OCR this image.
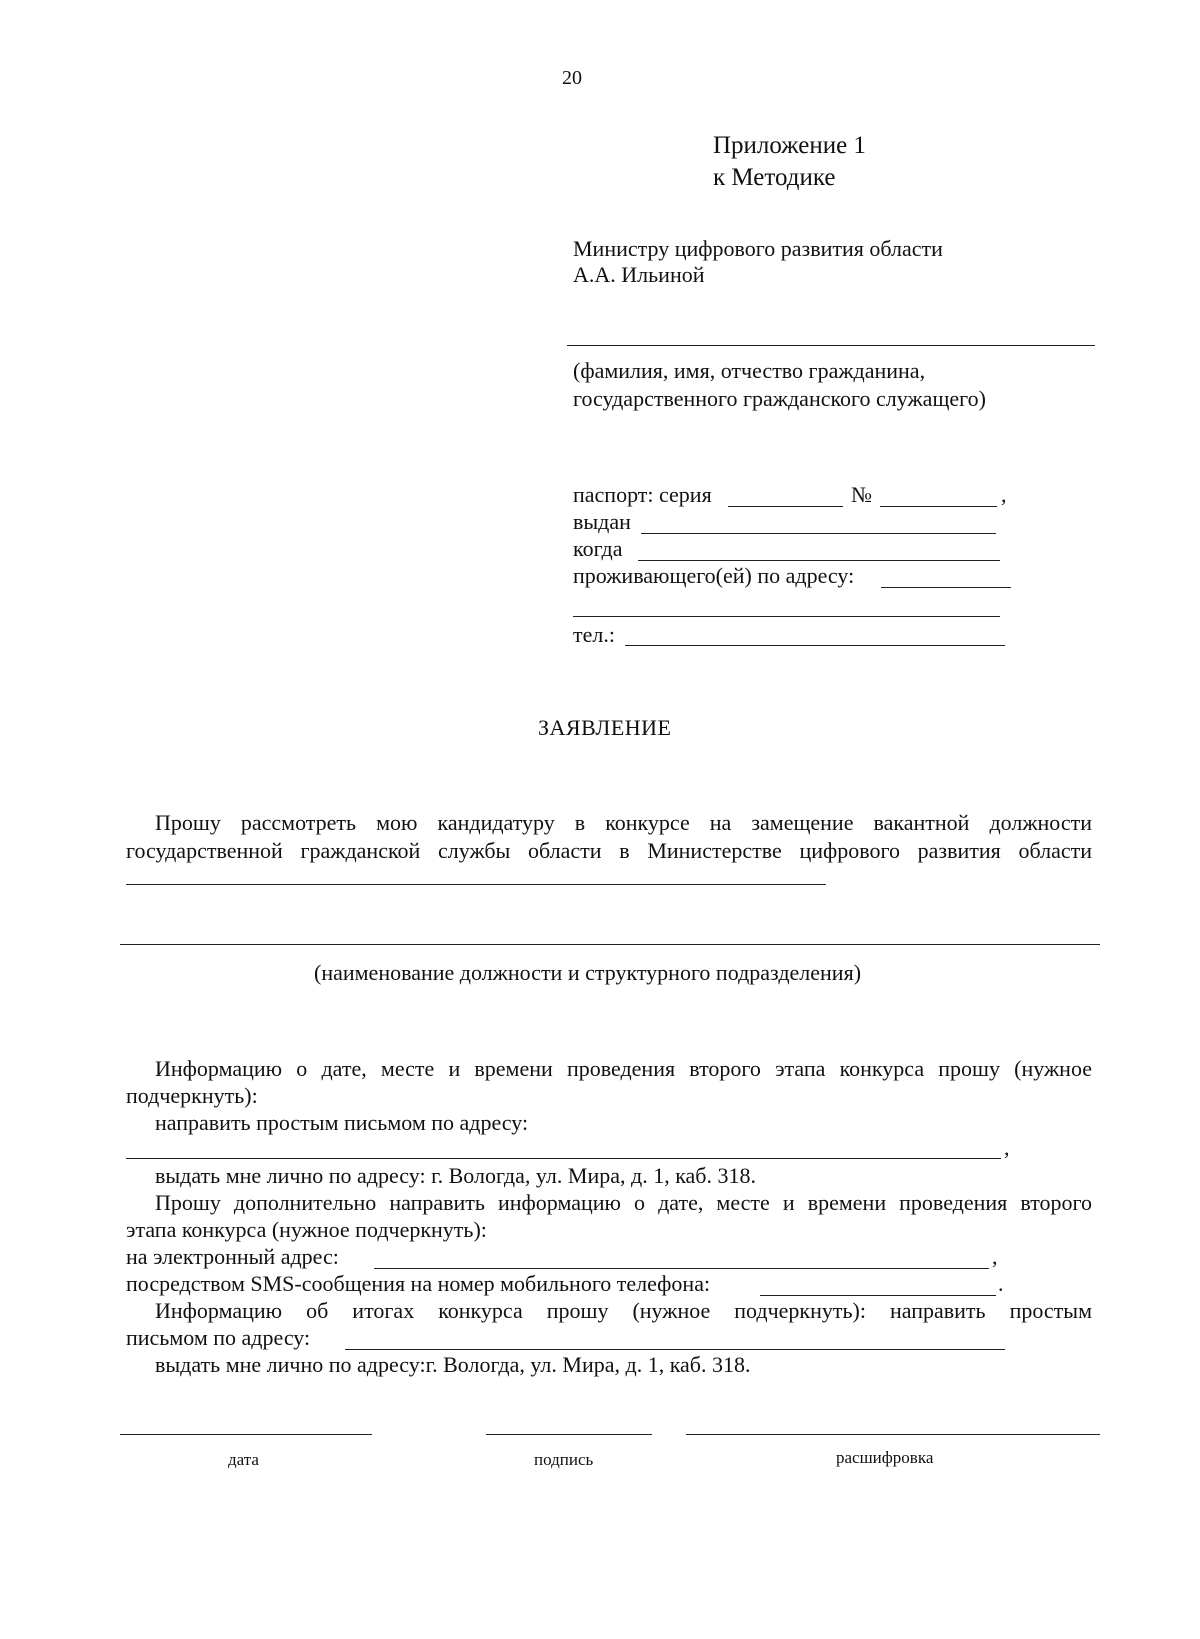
20
Приложение 1
к Методике
Министру цифрового развития области
А.А. Ильиной
(фамилия, имя, отчество гражданина,
государственного гражданского служащего)
паспорт: серия	№	,
выдан
когда
проживающего(ей) по адресу:
тел.:
ЗАЯВЛЕНИЕ
Прошу рассмотреть мою кандидатуру в конкурсе на замещение вакантной должности
государственной гражданской службы области в Министерстве цифрового развития области
(наименование должности и структурного подразделения)
Информацию о дате, месте и времени проведения второго этапа конкурса прошу (нужное
подчеркнуть):
направить простым письмом по адресу:
,
выдать мне лично по адресу: г. Вологда, ул. Мира, д. 1, каб. 318.
Прошу дополнительно направить информацию о дате, месте и времени проведения второго
этапа конкурса (нужное подчеркнуть):
на электронный адрес:	,
посредством SMS-сообщения на номер мобильного телефона:	.
Информацию об итогах конкурса прошу (нужное подчеркнуть): направить простым
письмом по адресу:
выдать мне лично по адресу:г. Вологда, ул. Мира, д. 1, каб. 318.
дата	подпись	расшифровка
